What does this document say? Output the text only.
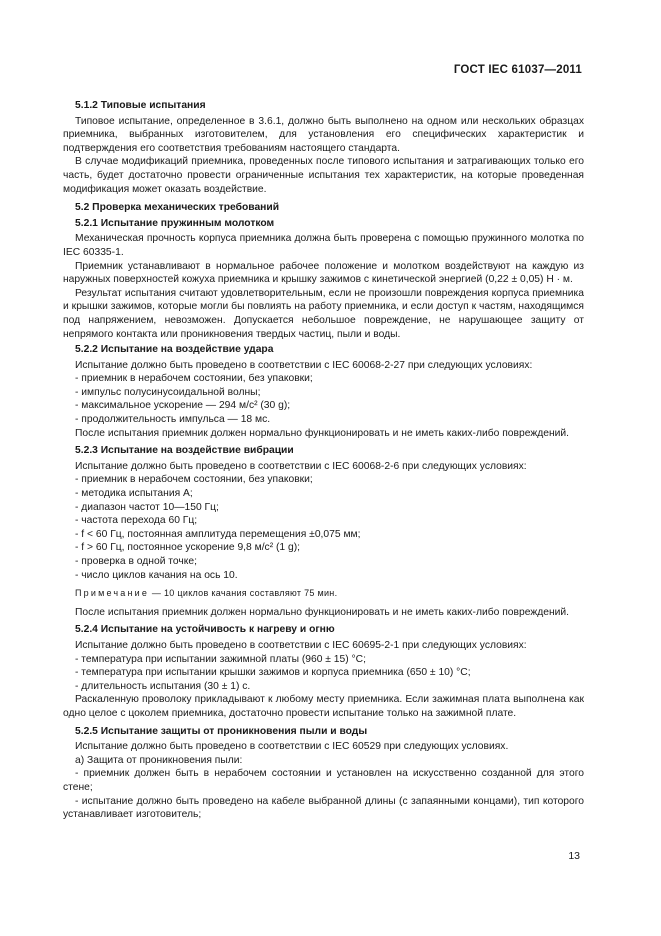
ГОСТ IEC 61037—2011
5.1.2 Типовые испытания

Типовое испытание, определенное в 3.6.1, должно быть выполнено на одном или нескольких образцах приемника, выбранных изготовителем, для установления его специфических характеристик и подтверждения его соответствия требованиям настоящего стандарта.

В случае модификаций приемника, проведенных после типового испытания и затрагивающих только его часть, будет достаточно провести ограниченные испытания тех характеристик, на которые проведенная модификация может оказать воздействие.

5.2 Проверка механических требований
5.2.1 Испытание пружинным молотком

Механическая прочность корпуса приемника должна быть проверена с помощью пружинного молотка по IEC 60335-1.

Приемник устанавливают в нормальное рабочее положение и молотком воздействуют на каждую из наружных поверхностей кожуха приемника и крышку зажимов с кинетической энергией (0,22 ± 0,05) Н · м.

Результат испытания считают удовлетворительным, если не произошли повреждения корпуса приемника и крышки зажимов, которые могли бы повлиять на работу приемника, и если доступ к частям, находящимся под напряжением, невозможен. Допускается небольшое повреждение, не нарушающее защиту от непрямого контакта или проникновения твердых частиц, пыли и воды.

5.2.2 Испытание на воздействие удара

Испытание должно быть проведено в соответствии с IEC 60068-2-27 при следующих условиях:

- приемник в нерабочем состоянии, без упаковки;
- импульс полусинусоидальной волны;
- максимальное ускорение — 294 м/с² (30 g);
- продолжительность импульса — 18 мс.

После испытания приемник должен нормально функционировать и не иметь каких-либо повреждений.

5.2.3 Испытание на воздействие вибрации

Испытание должно быть проведено в соответствии с IEC 60068-2-6 при следующих условиях:

- приемник в нерабочем состоянии, без упаковки;
- методика испытания А;
- диапазон частот 10—150 Гц;
- частота перехода 60 Гц;
- f < 60 Гц, постоянная амплитуда перемещения ±0,075 мм;
- f > 60 Гц, постоянное ускорение 9,8 м/с² (1 g);
- проверка в одной точке;
- число циклов качания на ось 10.
Примечание — 10 циклов качания составляют 75 мин.

После испытания приемник должен нормально функционировать и не иметь каких-либо повреждений.

5.2.4 Испытание на устойчивость к нагреву и огню

Испытание должно быть проведено в соответствии с IEC 60695-2-1 при следующих условиях:

- температура при испытании зажимной платы (960 ± 15) °С;
- температура при испытании крышки зажимов и корпуса приемника (650 ± 10) °С;
- длительность испытания (30 ± 1) с.

Раскаленную проволоку прикладывают к любому месту приемника. Если зажимная плата выполнена как одно целое с цоколем приемника, достаточно провести испытание только на зажимной плате.

5.2.5 Испытание защиты от проникновения пыли и воды

Испытание должно быть проведено в соответствии с IEC 60529 при следующих условиях.

а) Защита от проникновения пыли:

- приемник должен быть в нерабочем состоянии и установлен на искусственно созданной для этого стене;

- испытание должно быть проведено на кабеле выбранной длины (с запаянными концами), тип которого устанавливает изготовитель;

13
